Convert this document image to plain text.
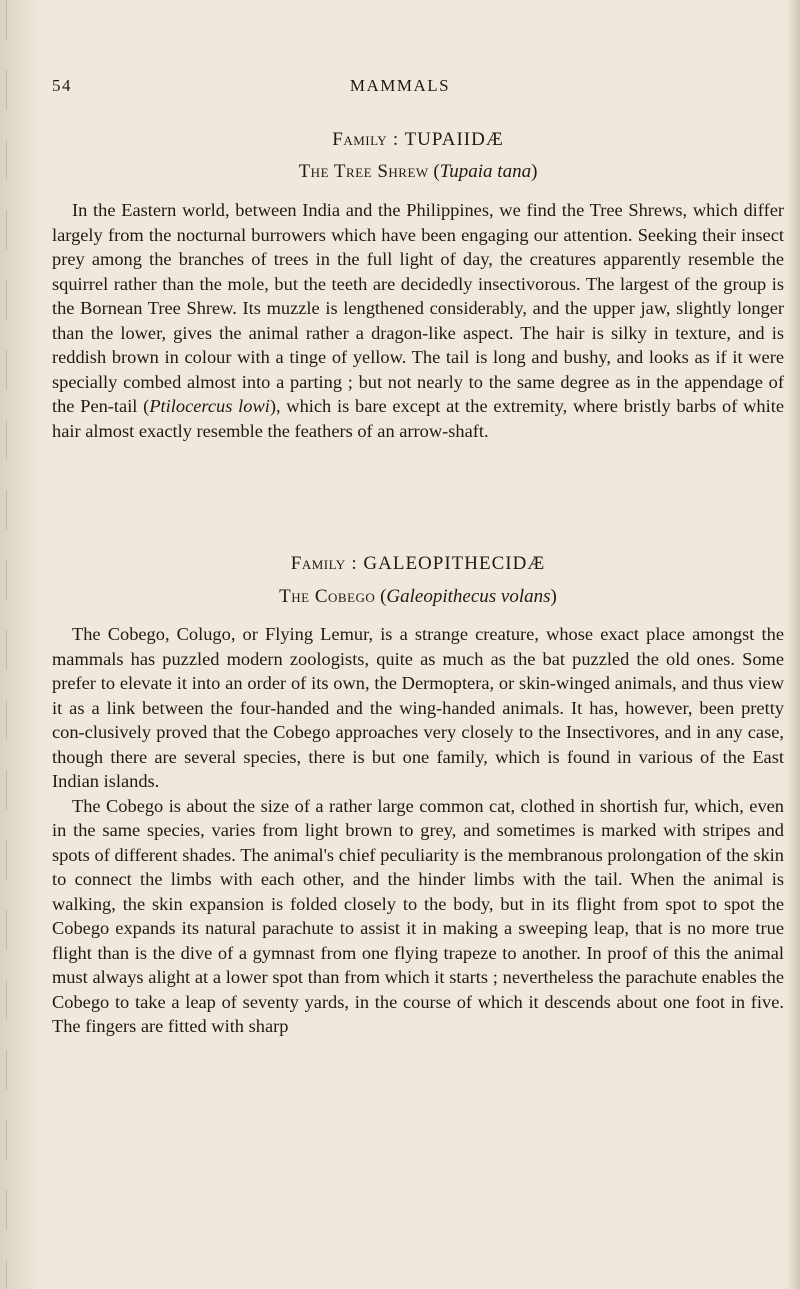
54	MAMMALS
Family : TUPAIIDÆ
The Tree Shrew (Tupaia tana)

In the Eastern world, between India and the Philippines, we find the Tree Shrews, which differ largely from the nocturnal burrowers which have been engaging our attention. Seeking their insect prey among the branches of trees in the full light of day, the creatures apparently resemble the squirrel rather than the mole, but the teeth are decidedly insectivorous. The largest of the group is the Bornean Tree Shrew. Its muzzle is lengthened considerably, and the upper jaw, slightly longer than the lower, gives the animal rather a dragon-like aspect. The hair is silky in texture, and is reddish brown in colour with a tinge of yellow. The tail is long and bushy, and looks as if it were specially combed almost into a parting ; but not nearly to the same degree as in the appendage of the Pen-tail (Ptilocercus lowi), which is bare except at the extremity, where bristly barbs of white hair almost exactly resemble the feathers of an arrow-shaft.

Family : GALEOPITHECIDÆ
The Cobego (Galeopithecus volans)

The Cobego, Colugo, or Flying Lemur, is a strange creature, whose exact place amongst the mammals has puzzled modern zoologists, quite as much as the bat puzzled the old ones. Some prefer to elevate it into an order of its own, the Dermoptera, or skin-winged animals, and thus view it as a link between the four-handed and the wing-handed animals. It has, however, been pretty con-clusively proved that the Cobego approaches very closely to the Insectivores, and in any case, though there are several species, there is but one family, which is found in various of the East Indian islands.

The Cobego is about the size of a rather large common cat, clothed in shortish fur, which, even in the same species, varies from light brown to grey, and sometimes is marked with stripes and spots of different shades. The animal's chief peculiarity is the membranous prolongation of the skin to connect the limbs with each other, and the hinder limbs with the tail. When the animal is walking, the skin expansion is folded closely to the body, but in its flight from spot to spot the Cobego expands its natural parachute to assist it in making a sweeping leap, that is no more true flight than is the dive of a gymnast from one flying trapeze to another. In proof of this the animal must always alight at a lower spot than from which it starts ; nevertheless the parachute enables the Cobego to take a leap of seventy yards, in the course of which it descends about one foot in five. The fingers are fitted with sharp
